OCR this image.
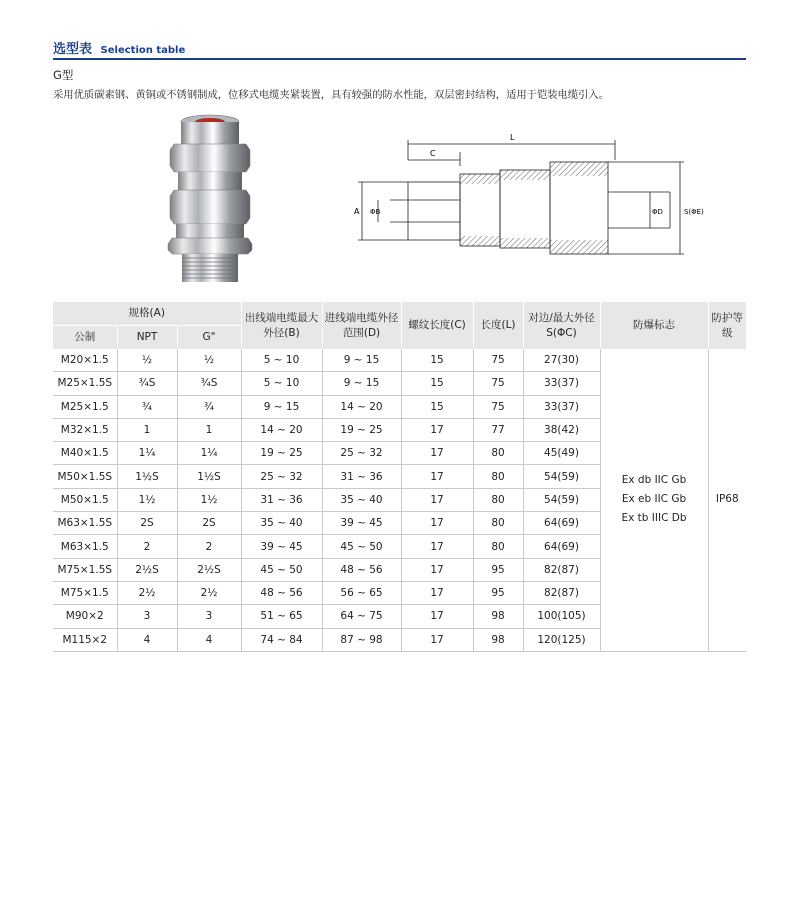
选型表 Selection table
G型
采用优质碳素钢、黄铜或不锈钢制成，位移式电缆夹紧装置，具有较强的防水性能，双层密封结构，适用于铠装电缆引入。
L
C
A ΦB	ΦD	S(ΦE)
规格(A)			出线端电缆最大外径(B)	进线端电缆外径范围(D)	螺纹长度(C)	长度(L)	对边/最大外径S(ΦC)	防爆标志	防护等级
公制	NPT	G"							
M20×1.5	½	½	5 ~ 10	9 ~ 15	15	75	27(30)	Ex db IIC Gb
Ex eb IIC Gb
Ex tb IIIC Db	IP68
M25×1.5S	¾S	¾S	5 ~ 10	9 ~ 15	15	75	33(37)		
M25×1.5	¾	¾	9 ~ 15	14 ~ 20	15	75	33(37)		
M32×1.5	1	1	14 ~ 20	19 ~ 25	17	77	38(42)		
M40×1.5	1¼	1¼	19 ~ 25	25 ~ 32	17	80	45(49)		
M50×1.5S	1½S	1½S	25 ~ 32	31 ~ 36	17	80	54(59)		
M50×1.5	1½	1½	31 ~ 36	35 ~ 40	17	80	54(59)		
M63×1.5S	2S	2S	35 ~ 40	39 ~ 45	17	80	64(69)		
M63×1.5	2	2	39 ~ 45	45 ~ 50	17	80	64(69)		
M75×1.5S	2½S	2½S	45 ~ 50	48 ~ 56	17	95	82(87)		
M75×1.5	2½	2½	48 ~ 56	56 ~ 65	17	95	82(87)		
M90×2	3	3	51 ~ 65	64 ~ 75	17	98	100(105)		
M115×2	4	4	74 ~ 84	87 ~ 98	17	98	120(125)		
